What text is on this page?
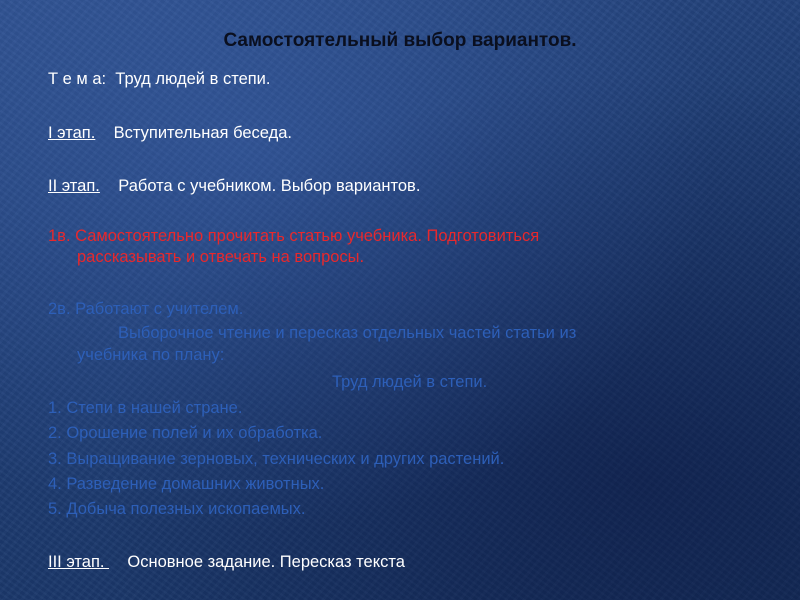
Самостоятельный выбор вариантов.
Т е м а: Труд людей в степи.
I этап. Вступительная беседа.
II этап. Работа с учебником. Выбор вариантов.
1в. Самостоятельно прочитать статью учебника. Подготовиться
рассказывать и отвечать на вопросы.
2в. Работают с учителем.
Выборочное чтение и пересказ отдельных частей статьи из
учебника по плану:
Труд людей в степи.
1. Степи в нашей стране.
2. Орошение полей и их обработка.
3. Выращивание зерновых, технических и других растений.
4. Разведение домашних животных.
5. Добыча полезных ископаемых.
III этап.     Основное задание. Пересказ текста
